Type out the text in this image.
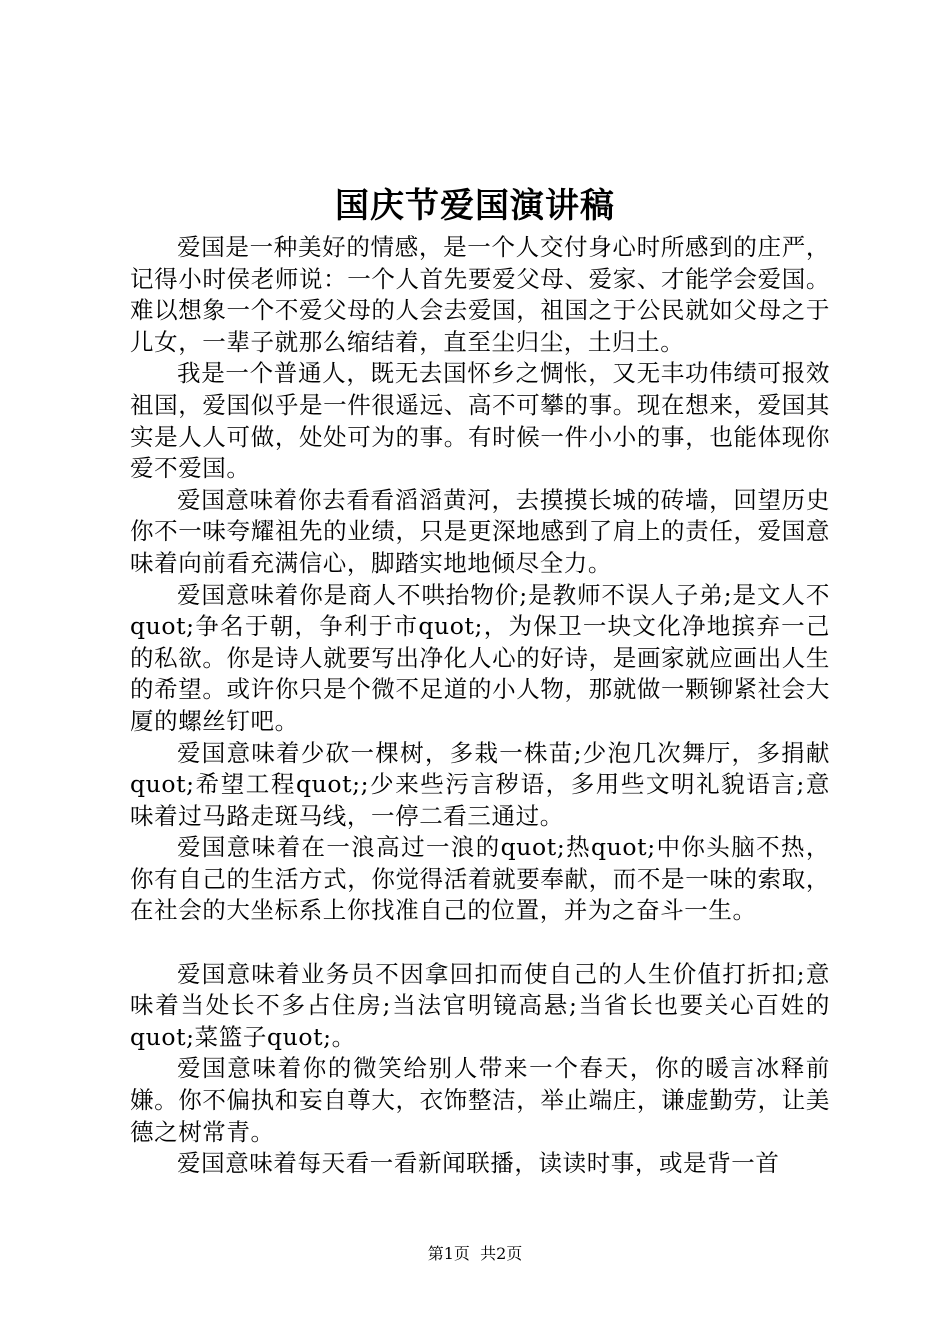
国庆节爱国演讲稿

爱国是一种美好的情感，是一个人交付身心时所感到的庄严，记得小时侯老师说：一个人首先要爱父母、爱家、才能学会爱国。难以想象一个不爱父母的人会去爱国，祖国之于公民就如父母之于儿女，一辈子就那么缩结着，直至尘归尘，土归土。

我是一个普通人，既无去国怀乡之惆怅，又无丰功伟绩可报效祖国，爱国似乎是一件很遥远、高不可攀的事。现在想来，爱国其实是人人可做，处处可为的事。有时候一件小小的事，也能体现你爱不爱国。

爱国意味着你去看看滔滔黄河，去摸摸长城的砖墙，回望历史你不一味夸耀祖先的业绩，只是更深地感到了肩上的责任，爱国意味着向前看充满信心，脚踏实地地倾尽全力。

爱国意味着你是商人不哄抬物价;是教师不误人子弟;是文人不quot;争名于朝，争利于市quot;，为保卫一块文化净地摈弃一己的私欲。你是诗人就要写出净化人心的好诗，是画家就应画出人生的希望。或许你只是个微不足道的小人物，那就做一颗铆紧社会大厦的螺丝钉吧。

爱国意味着少砍一棵树，多栽一株苗;少泡几次舞厅，多捐献quot;希望工程quot;;少来些污言秽语，多用些文明礼貌语言;意味着过马路走斑马线，一停二看三通过。

爱国意味着在一浪高过一浪的quot;热quot;中你头脑不热，你有自己的生活方式，你觉得活着就要奉献，而不是一味的索取，在社会的大坐标系上你找准自己的位置，并为之奋斗一生。

爱国意味着业务员不因拿回扣而使自己的人生价值打折扣;意味着当处长不多占住房;当法官明镜高悬;当省长也要关心百姓的quot;菜篮子quot;。

爱国意味着你的微笑给别人带来一个春天，你的暖言冰释前嫌。你不偏执和妄自尊大，衣饰整洁，举止端庄，谦虚勤劳，让美德之树常青。

爱国意味着每天看一看新闻联播，读读时事，或是背一首

第1页 共2页
